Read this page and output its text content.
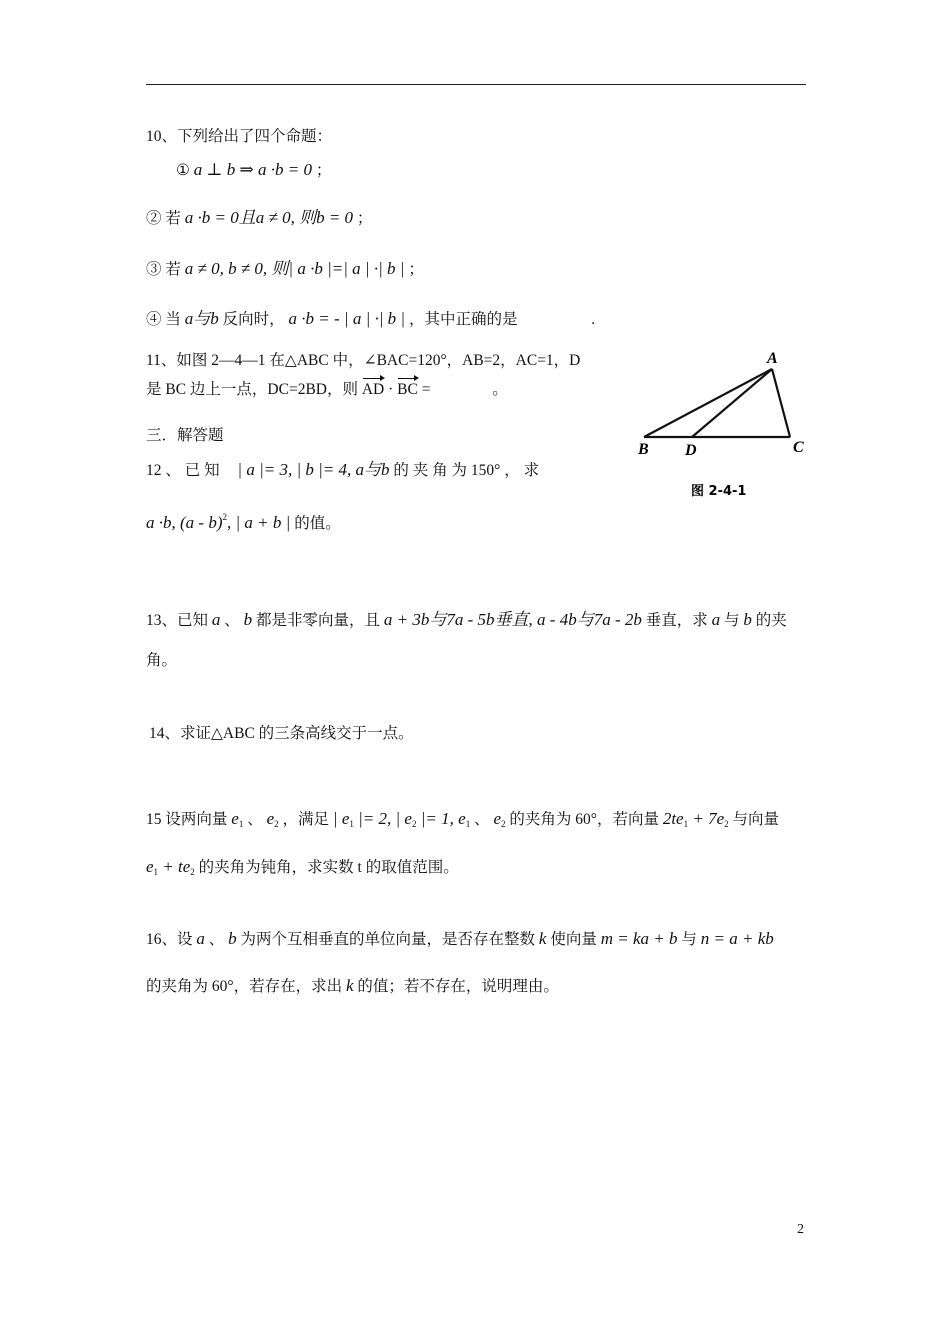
10、下列给出了四个命题：
① a ⊥ b ⇒ a ·b = 0 ；
② 若 a ·b = 0且a ≠ 0, 则b = 0 ；
③ 若 a ≠ 0, b ≠ 0, 则| a ·b |=| a | ·| b | ；
④ 当 a与b 反向时， a ·b = - | a | ·| b | ，其中正确的是	.
11、如图 2—4—1 在△ABC 中，∠BAC=120°，AB=2，AC=1，D
是 BC 边上一点，DC=2BD，则 AD · BC =	。
三．解答题
12 、 已 知 | a |= 3, | b |= 4, a与b 的 夹 角 为 150° ， 求
a ·b, (a - b)$^2$, | a + b | 的值。
A
B D	C
图 2-4-1
13、已知 a 、 b 都是非零向量，且 a + 3b与7a - 5b垂直, a - 4b与7a - 2b 垂直，求 a 与 b 的夹
角。
14、求证△ABC 的三条高线交于一点。
15 设两向量 $e_1$ 、 $e_2$ ，满足 | $e_1$ |= 2, | $e_2$ |= 1, $e_1$ 、 $e_2$ 的夹角为 60°，若向量 $2te_1 + 7e_2$ 与向量
$e_1 + te_2$ 的夹角为钝角，求实数 t 的取值范围。
16、设 a 、 b 为两个互相垂直的单位向量，是否存在整数 k 使向量 m = ka + b 与 n = a + kb
的夹角为 60°，若存在，求出 k 的值；若不存在，说明理由。
2
